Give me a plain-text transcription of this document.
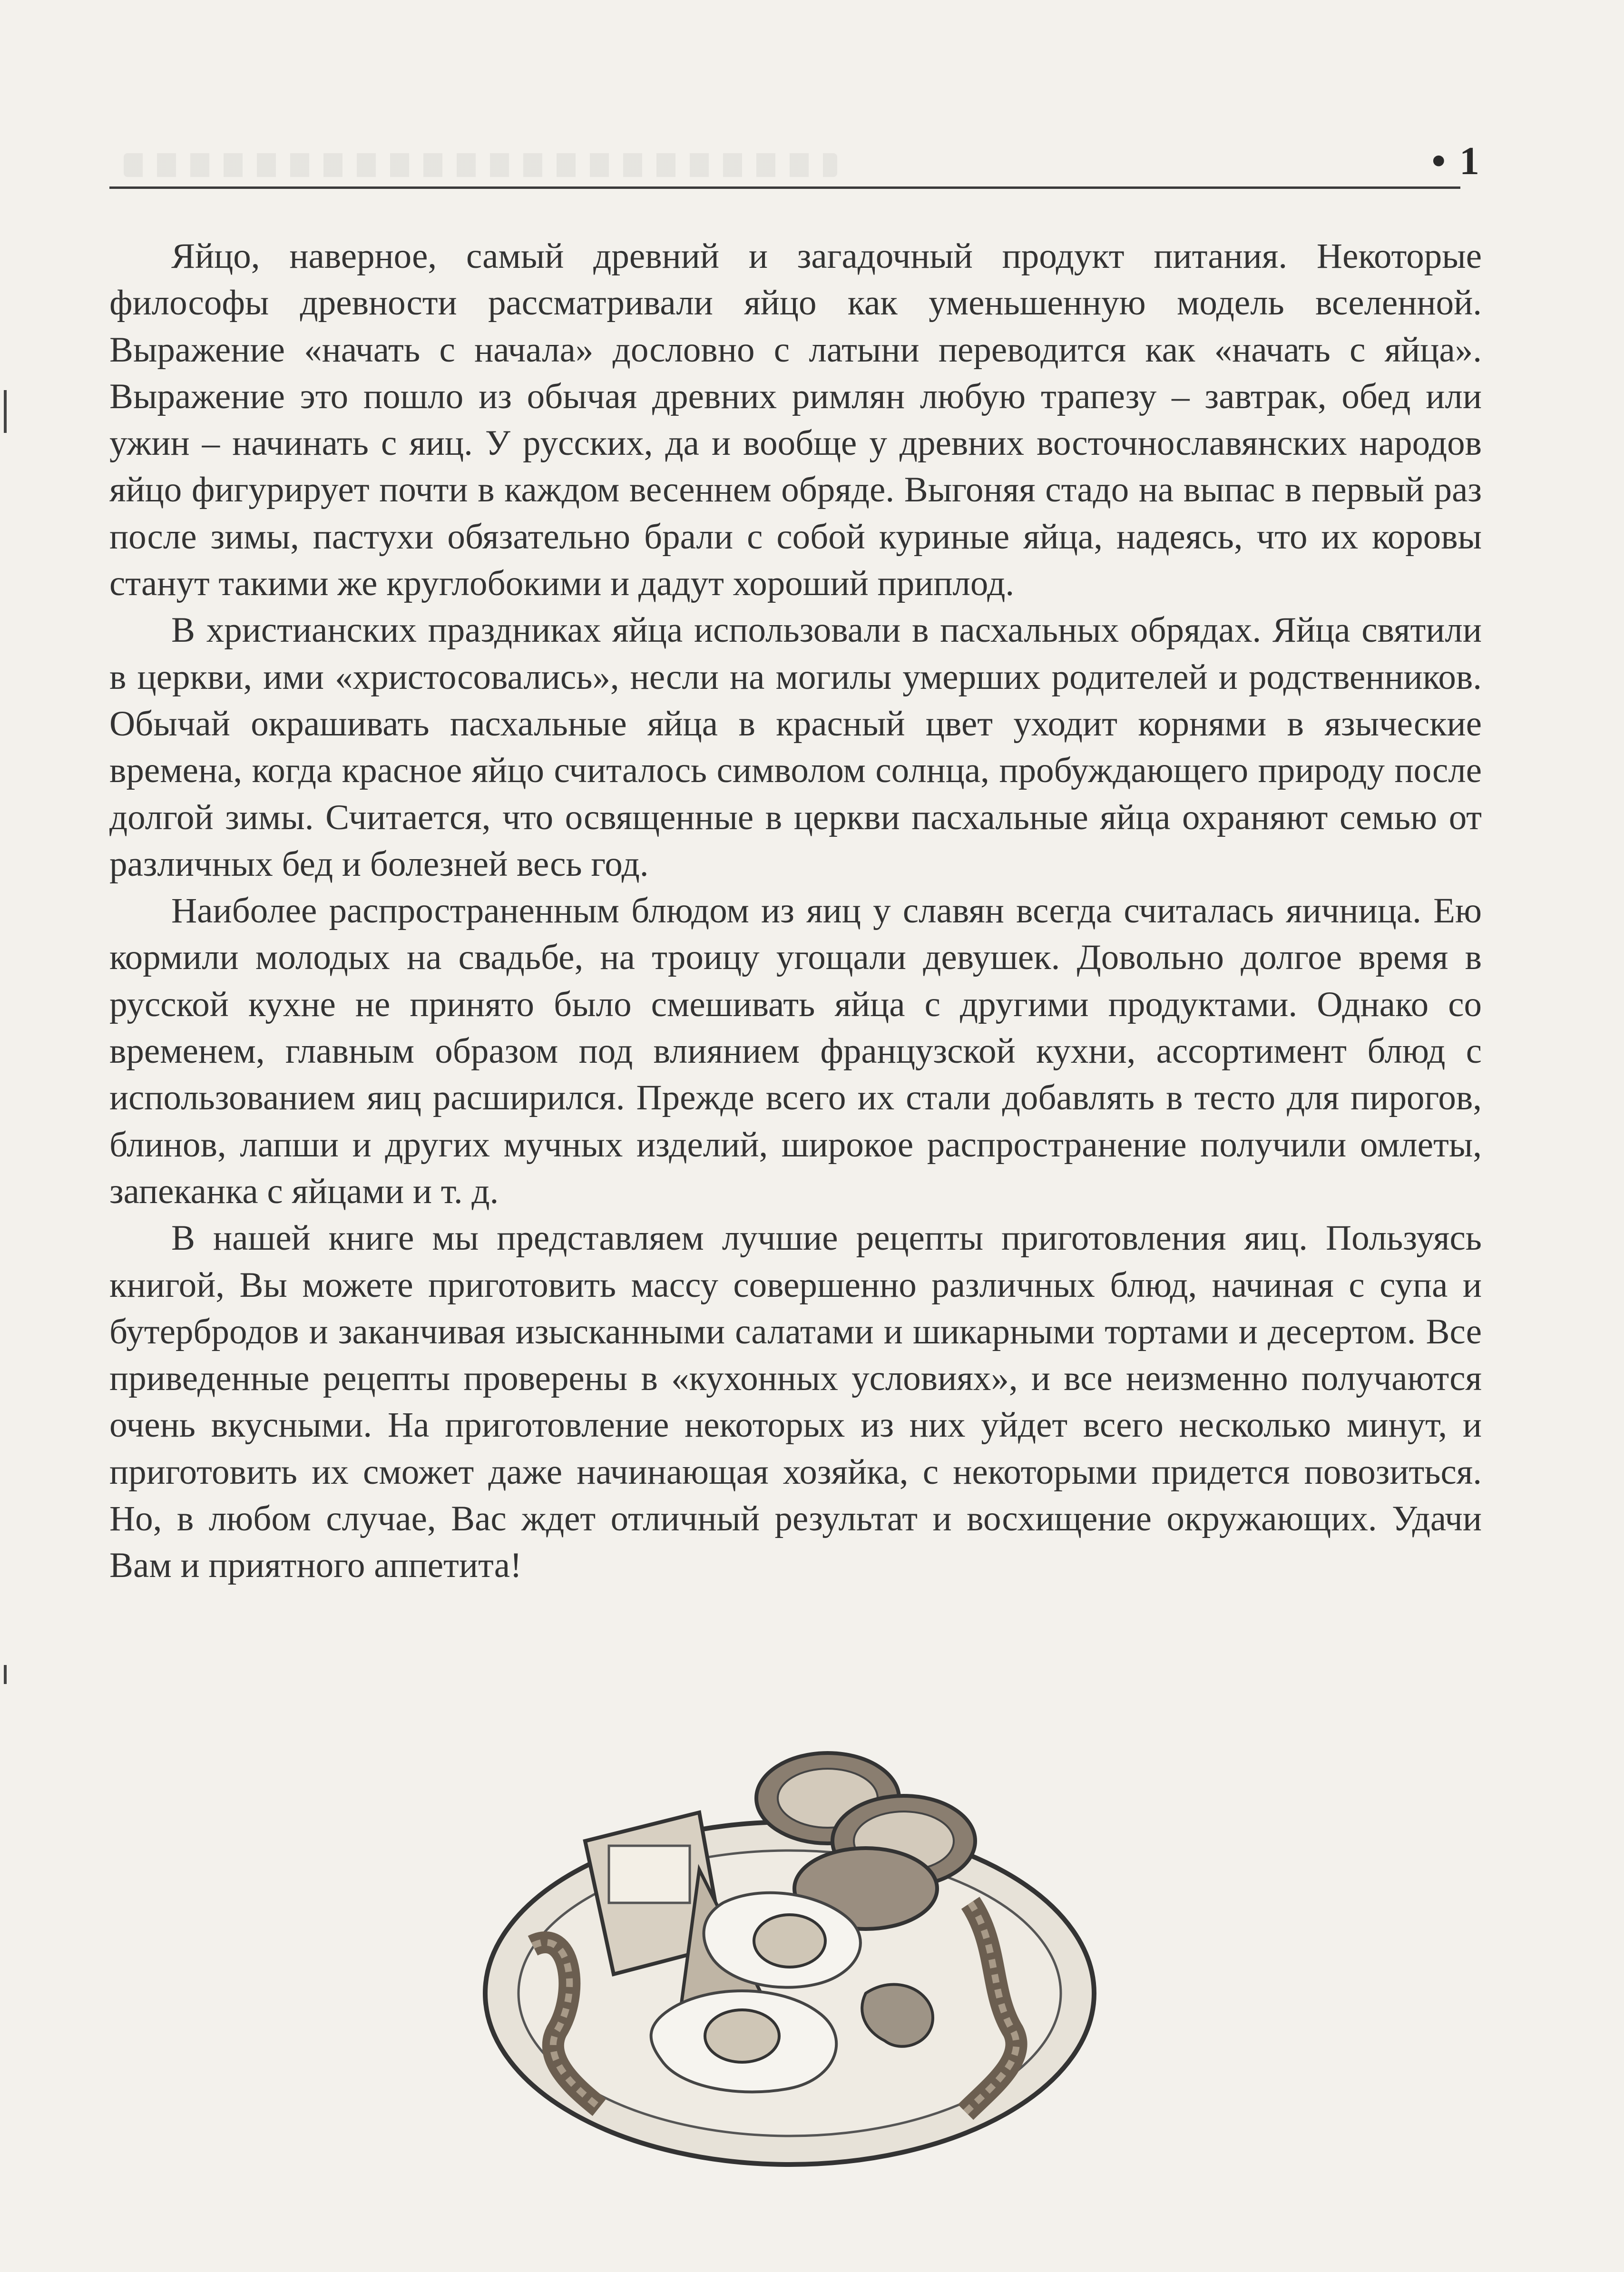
• 1

Яйцо, наверное, самый древний и загадочный продукт питания. Некоторые философы древности рассматривали яйцо как уменьшенную модель вселенной. Выражение «начать с начала» дословно с латыни переводится как «начать с яйца». Выражение это пошло из обычая древних римлян любую трапезу – завтрак, обед или ужин – начинать с яиц. У русских, да и вообще у древних восточнославянских народов яйцо фигурирует почти в каждом весеннем обряде. Выгоняя стадо на выпас в первый раз после зимы, пастухи обязательно брали с собой куриные яйца, надеясь, что их коровы станут такими же круглобокими и дадут хороший приплод.

В христианских праздниках яйца использовали в пасхальных обрядах. Яйца святили в церкви, ими «христосовались», несли на могилы умерших родителей и родственников. Обычай окрашивать пасхальные яйца в красный цвет уходит корнями в языческие времена, когда красное яйцо считалось символом солнца, пробуждающего природу после долгой зимы. Считается, что освященные в церкви пасхальные яйца охраняют семью от различных бед и болезней весь год.

Наиболее распространенным блюдом из яиц у славян всегда считалась яичница. Ею кормили молодых на свадьбе, на троицу угощали девушек. Довольно долгое время в русской кухне не принято было смешивать яйца с другими продуктами. Однако со временем, главным образом под влиянием французской кухни, ассортимент блюд с использованием яиц расширился. Прежде всего их стали добавлять в тесто для пирогов, блинов, лапши и других мучных изделий, широкое распространение получили омлеты, запеканка с яйцами и т. д.

В нашей книге мы представляем лучшие рецепты приготовления яиц. Пользуясь книгой, Вы можете приготовить массу совершенно различных блюд, начиная с супа и бутербродов и заканчивая изысканными салатами и шикарными тортами и десертом. Все приведенные рецепты проверены в «кухонных условиях», и все неизменно получаются очень вкусными. На приготовление некоторых из них уйдет всего несколько минут, и приготовить их сможет даже начинающая хозяйка, с некоторыми придется повозиться. Но, в любом случае, Вас ждет отличный результат и восхищение окружающих. Удачи Вам и приятного аппетита!
